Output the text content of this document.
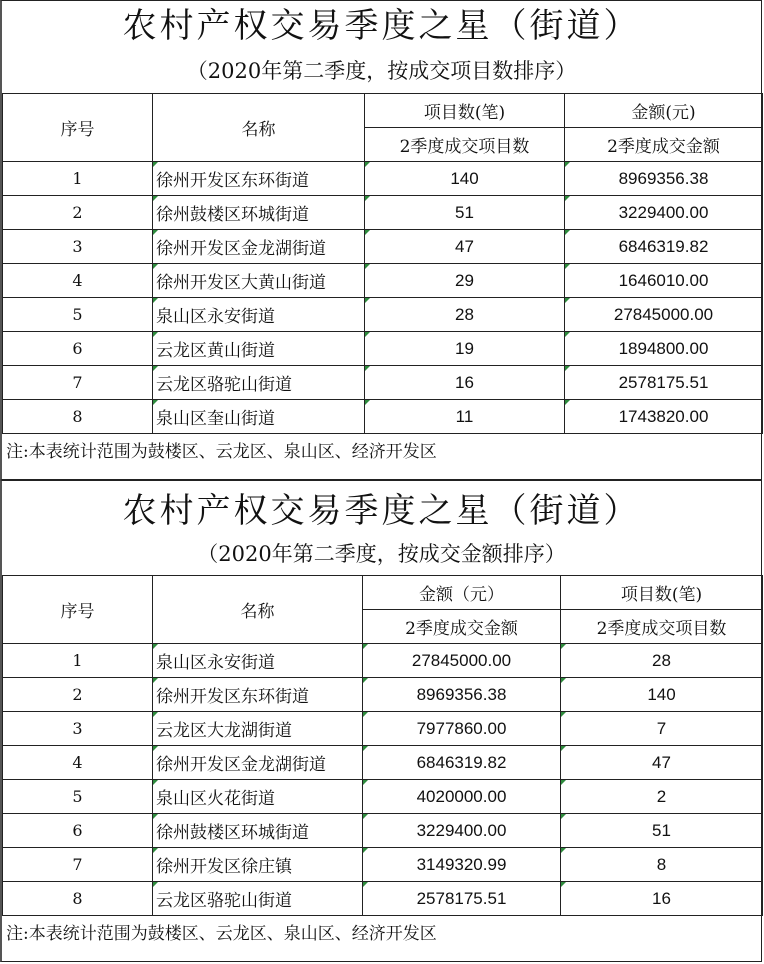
农村产权交易季度之星（街道）
（2020年第二季度，按成交项目数排序）
序号	名称	项目数(笔)	金额(元)
		2季度成交项目数	2季度成交金额
1	徐州开发区东环街道	140	8969356.38
2	徐州鼓楼区环城街道	51	3229400.00
3	徐州开发区金龙湖街道	47	6846319.82
4	徐州开发区大黄山街道	29	1646010.00
5	泉山区永安街道	28	27845000.00
6	云龙区黄山街道	19	1894800.00
7	云龙区骆驼山街道	16	2578175.51
8	泉山区奎山街道	11	1743820.00
注:本表统计范围为鼓楼区、云龙区、泉山区、经济开发区
农村产权交易季度之星（街道）
（2020年第二季度，按成交金额排序）
序号	名称	金额（元）	项目数(笔)
		2季度成交金额	2季度成交项目数
1	泉山区永安街道	27845000.00	28
2	徐州开发区东环街道	8969356.38	140
3	云龙区大龙湖街道	7977860.00	7
4	徐州开发区金龙湖街道	6846319.82	47
5	泉山区火花街道	4020000.00	2
6	徐州鼓楼区环城街道	3229400.00	51
7	徐州开发区徐庄镇	3149320.99	8
8	云龙区骆驼山街道	2578175.51	16
注:本表统计范围为鼓楼区、云龙区、泉山区、经济开发区
